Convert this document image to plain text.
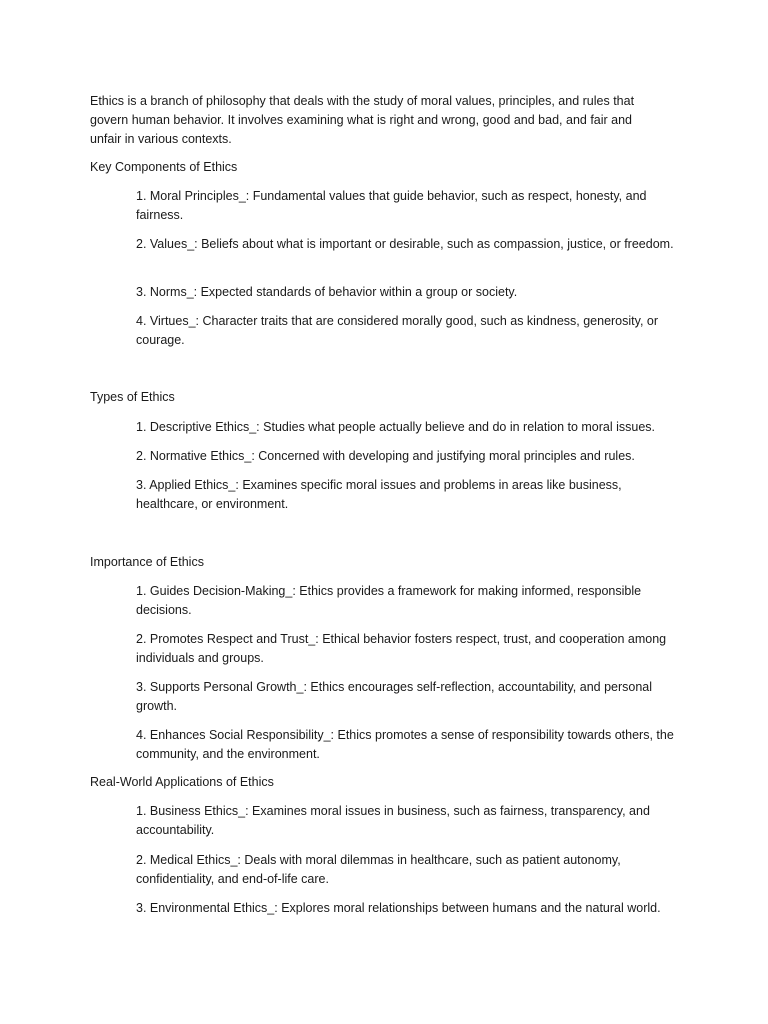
Ethics is a branch of philosophy that deals with the study of moral values, principles, and rules that govern human behavior. It involves examining what is right and wrong, good and bad, and fair and unfair in various contexts.

Key Components of Ethics

1. Moral Principles_: Fundamental values that guide behavior, such as respect, honesty, and fairness.

2. Values_: Beliefs about what is important or desirable, such as compassion, justice, or freedom.

3. Norms_: Expected standards of behavior within a group or society.

4. Virtues_: Character traits that are considered morally good, such as kindness, generosity, or courage.

Types of Ethics

1. Descriptive Ethics_: Studies what people actually believe and do in relation to moral issues.

2. Normative Ethics_: Concerned with developing and justifying moral principles and rules.

3. Applied Ethics_: Examines specific moral issues and problems in areas like business, healthcare, or environment.

Importance of Ethics

1. Guides Decision-Making_: Ethics provides a framework for making informed, responsible decisions.

2. Promotes Respect and Trust_: Ethical behavior fosters respect, trust, and cooperation among individuals and groups.

3. Supports Personal Growth_: Ethics encourages self-reflection, accountability, and personal growth.

4. Enhances Social Responsibility_: Ethics promotes a sense of responsibility towards others, the community, and the environment.

Real-World Applications of Ethics

1. Business Ethics_: Examines moral issues in business, such as fairness, transparency, and accountability.

2. Medical Ethics_: Deals with moral dilemmas in healthcare, such as patient autonomy, confidentiality, and end-of-life care.

3. Environmental Ethics_: Explores moral relationships between humans and the natural world.
